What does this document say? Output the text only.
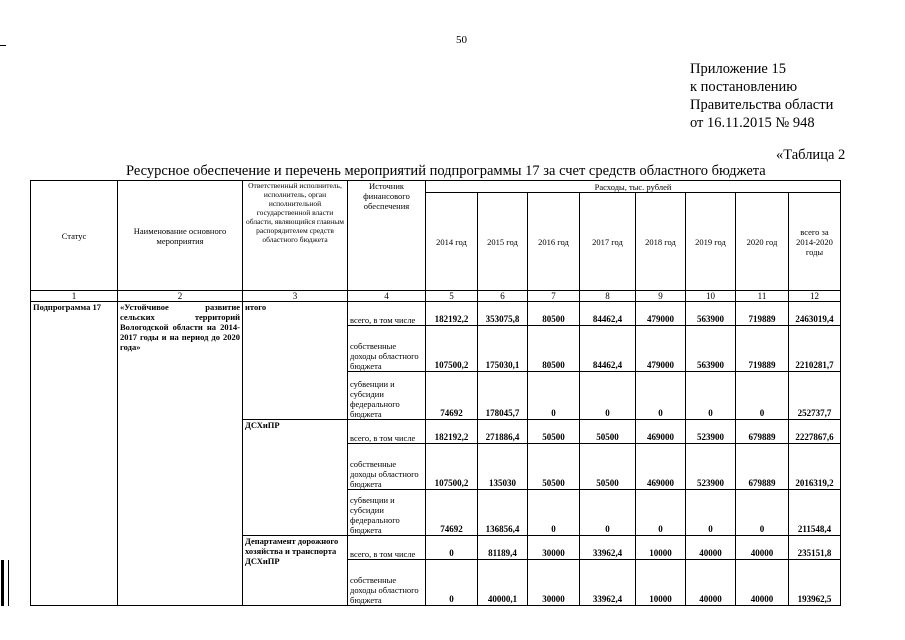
50
Приложение 15
к постановлению
Правительства области
от 16.11.2015 № 948
«Таблица 2
Ресурсное обеспечение и перечень мероприятий подпрограммы 17 за счет средств областного бюджета
Статус	Наименование основного мероприятия	Ответственный исполнитель, исполнитель, орган исполнительной государственной власти области, являющийся главным распорядителем средств областного бюджета	Источник финансового обеспечения	Расходы, тыс. рублей							
				2014 год	2015 год	2016 год	2017 год	2018 год	2019 год	2020 год	всего за 2014-2020 годы
1	2	3	4	5	6	7	8	9	10	11	12
Подпрограмма 17	«Устойчивое развитие сельских территорий Вологодской области на 2014-2017 годы и на период до 2020 года»	итого	всего, в том числе	182192,2	353075,8	80500	84462,4	479000	563900	719889	2463019,4
			собственные доходы областного бюджета	107500,2	175030,1	80500	84462,4	479000	563900	719889	2210281,7
			субвенции и субсидии федерального бюджета	74692	178045,7	0	0	0	0	0	252737,7
		ДСХиПР	всего, в том числе	182192,2	271886,4	50500	50500	469000	523900	679889	2227867,6
			собственные доходы областного бюджета	107500,2	135030	50500	50500	469000	523900	679889	2016319,2
			субвенции и субсидии федерального бюджета	74692	136856,4	0	0	0	0	0	211548,4
		Департамент дорожного хозяйства и транспорта ДСХиПР	всего, в том числе	0	81189,4	30000	33962,4	10000	40000	40000	235151,8
			собственные доходы областного бюджета	0	40000,1	30000	33962,4	10000	40000	40000	193962,5
